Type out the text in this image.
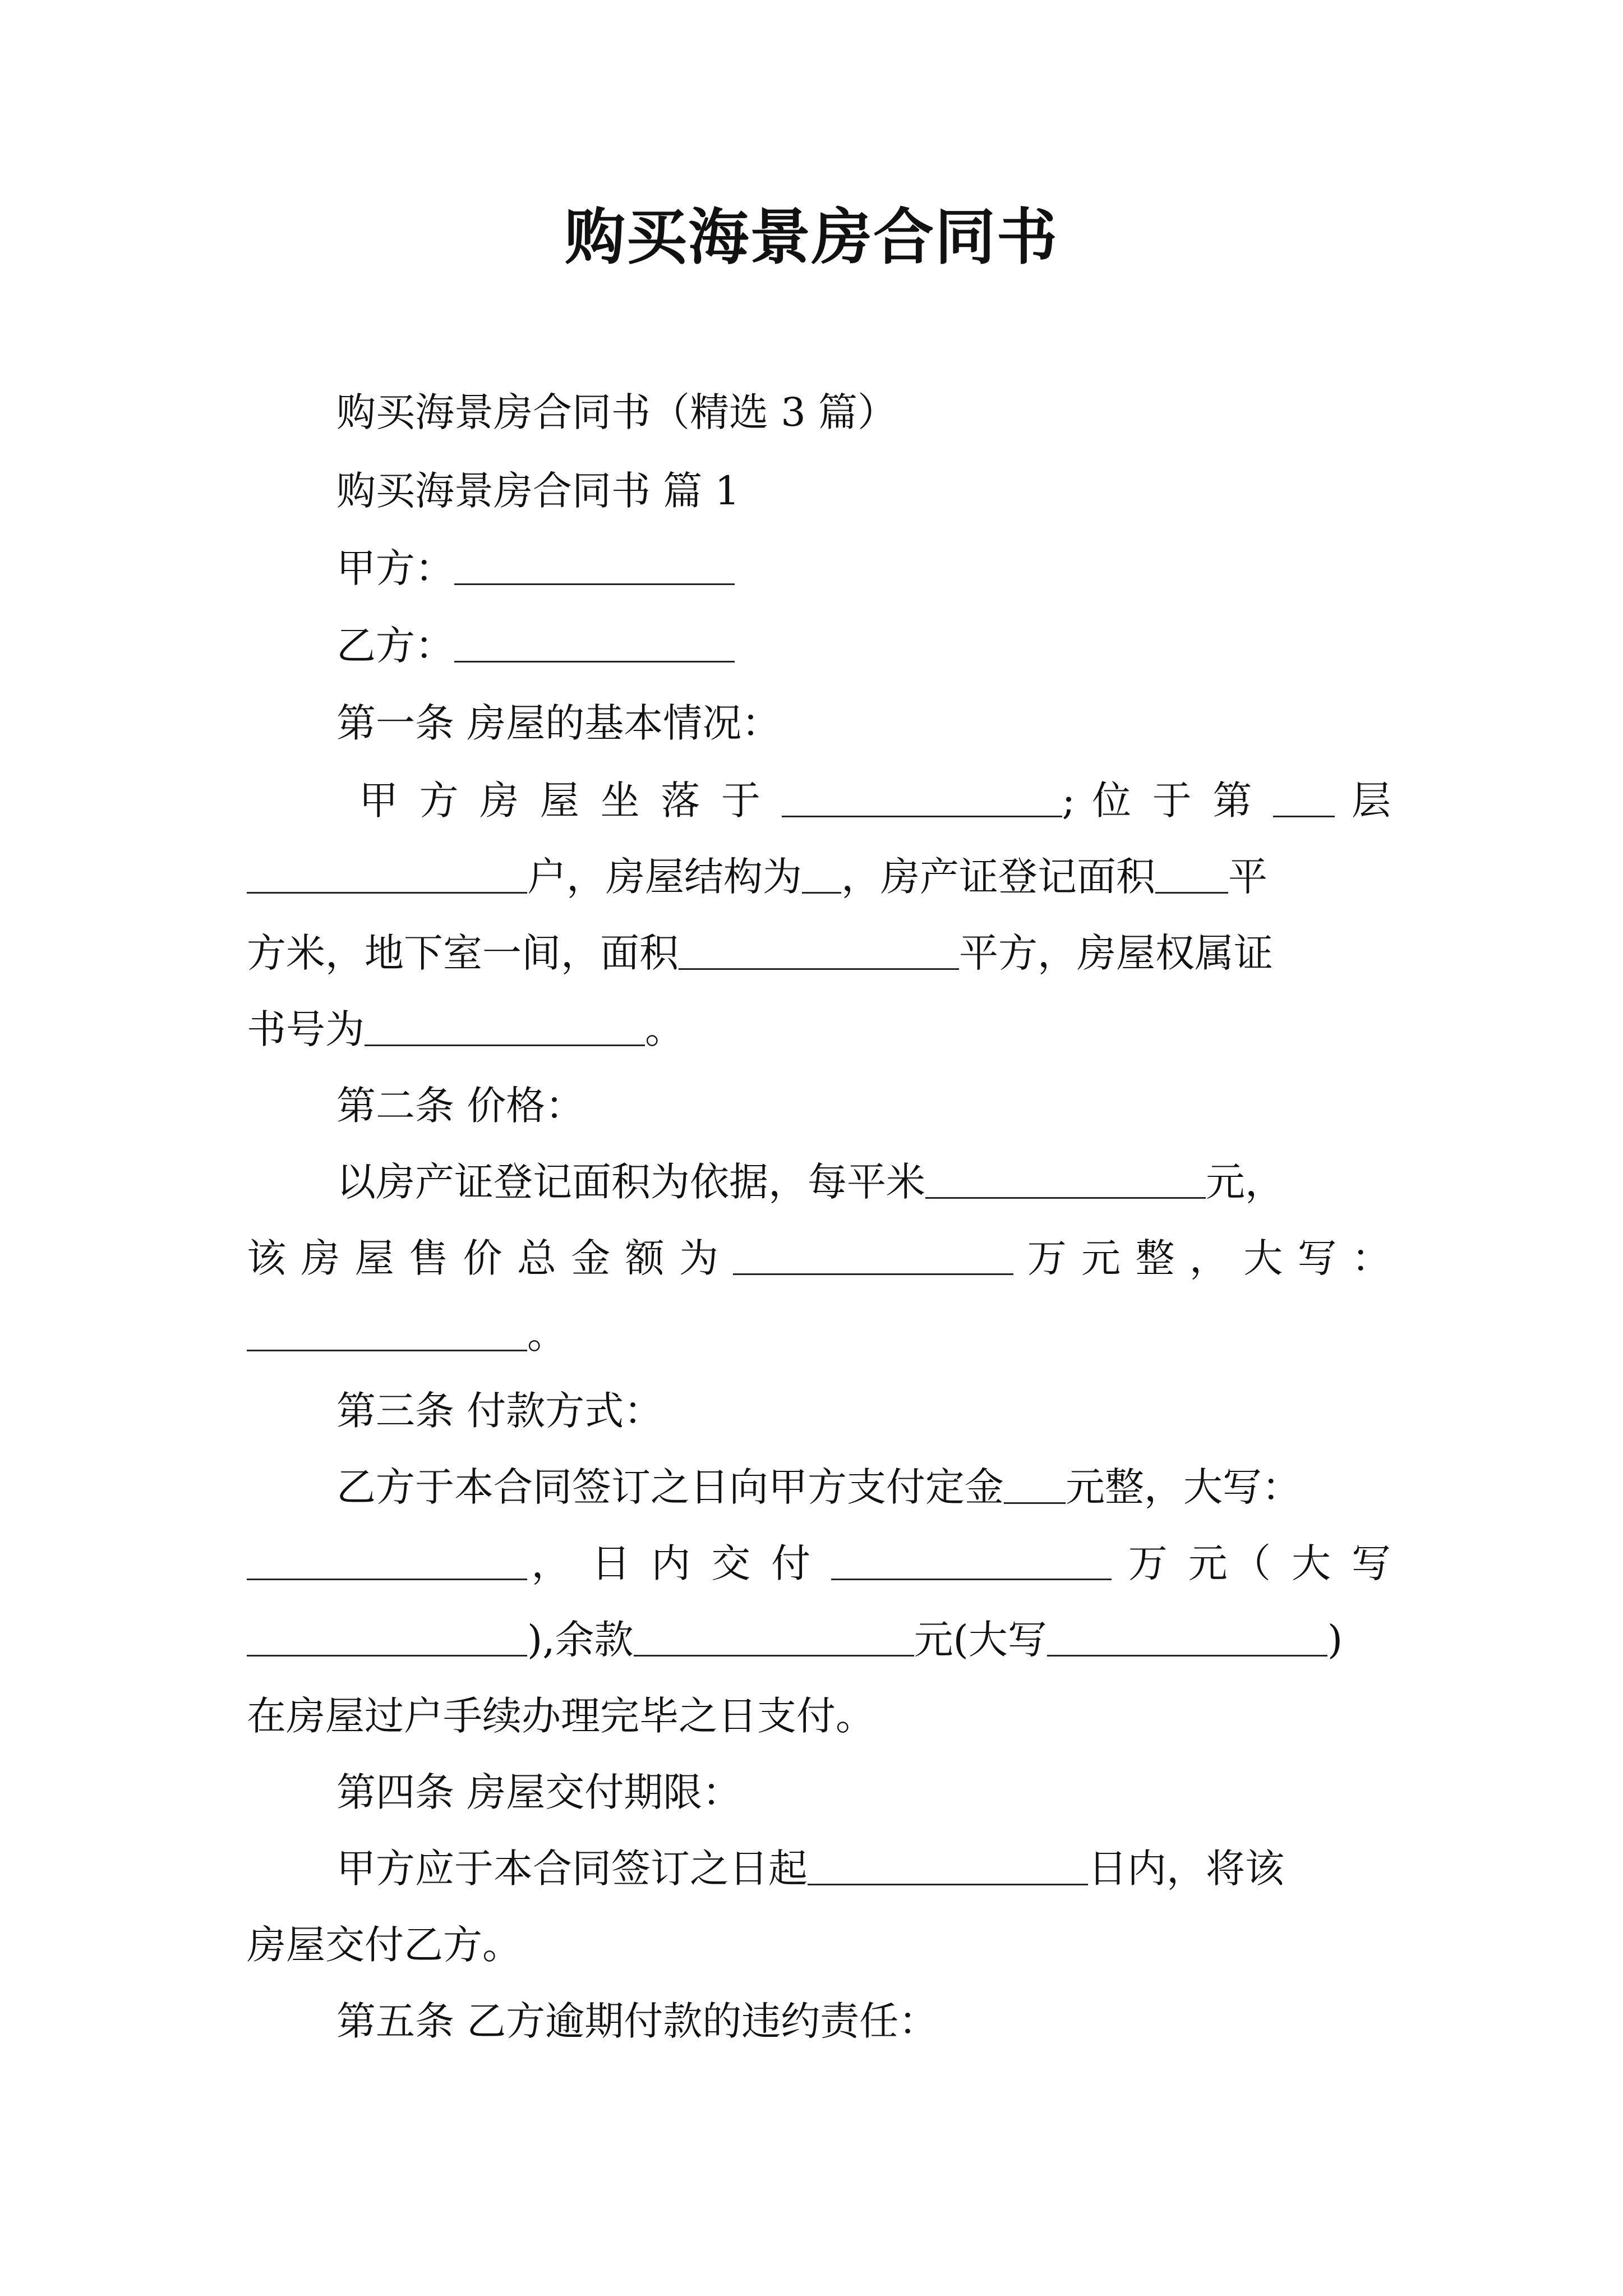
购买海景房合同书
购买海景房合同书（精选 3 篇）
购买海景房合同书 篇 1
甲方：
乙方：
第一条 房屋的基本情况：
甲 方 房 屋 坐 落 于	; 位 于 第 层
户，房屋结构为 ，房产证登记面积 平
方米，地下室一间，面积	平方，房屋权属证
书号为	。
第二条 价格：
以房产证登记面积为依据，每平米	元，
该 房 屋 售 价 总 金 额 为	万 元 整 ， 大 写 ：
。
第三条 付款方式：
乙方于本合同签订之日向甲方支付定金 元整，大写：
， 日 内 交 付	万 元（ 大 写
),余款	元(大写	)
在房屋过户手续办理完毕之日支付。
第四条 房屋交付期限：
甲方应于本合同签订之日起	日内，将该
房屋交付乙方。
第五条 乙方逾期付款的违约责任：
